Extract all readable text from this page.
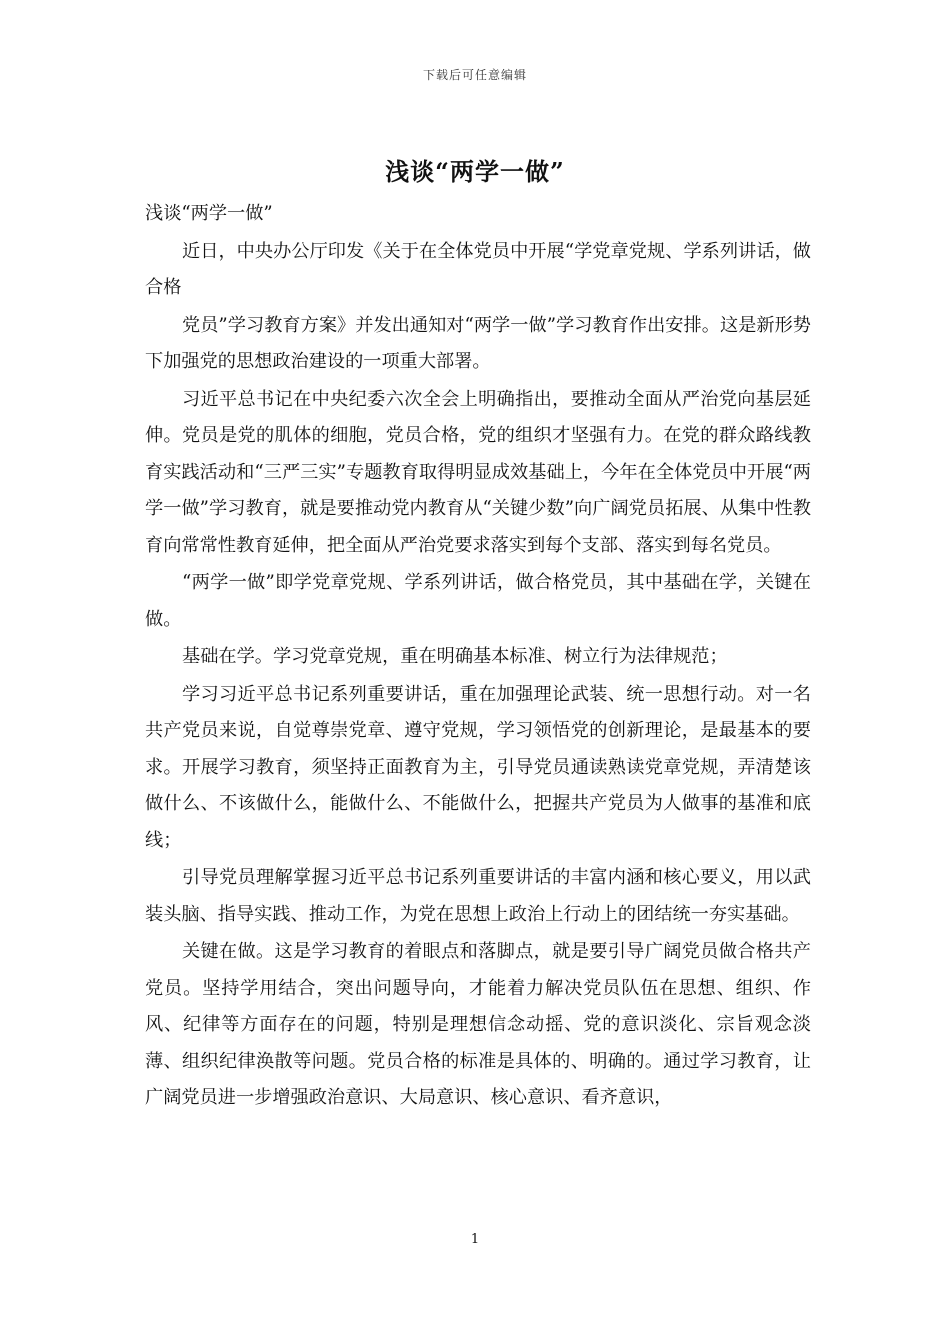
下载后可任意编辑
浅谈“两学一做”

浅谈“两学一做”

近日，中央办公厅印发《关于在全体党员中开展“学党章党规、学系列讲话，做合格

党员”学习教育方案》并发出通知对“两学一做”学习教育作出安排。这是新形势下加强党的思想政治建设的一项重大部署。

习近平总书记在中央纪委六次全会上明确指出，要推动全面从严治党向基层延伸。党员是党的肌体的细胞，党员合格，党的组织才坚强有力。在党的群众路线教育实践活动和“三严三实”专题教育取得明显成效基础上，今年在全体党员中开展“两学一做”学习教育，就是要推动党内教育从“关键少数”向广阔党员拓展、从集中性教育向常常性教育延伸，把全面从严治党要求落实到每个支部、落实到每名党员。

“两学一做”即学党章党规、学系列讲话，做合格党员，其中基础在学，关键在做。

基础在学。学习党章党规，重在明确基本标准、树立行为法律规范；

学习习近平总书记系列重要讲话，重在加强理论武装、统一思想行动。对一名共产党员来说，自觉尊崇党章、遵守党规，学习领悟党的创新理论，是最基本的要求。开展学习教育，须坚持正面教育为主，引导党员通读熟读党章党规，弄清楚该做什么、不该做什么，能做什么、不能做什么，把握共产党员为人做事的基准和底线；

引导党员理解掌握习近平总书记系列重要讲话的丰富内涵和核心要义，用以武装头脑、指导实践、推动工作，为党在思想上政治上行动上的团结统一夯实基础。

关键在做。这是学习教育的着眼点和落脚点，就是要引导广阔党员做合格共产党员。坚持学用结合，突出问题导向，才能着力解决党员队伍在思想、组织、作风、纪律等方面存在的问题，特别是理想信念动摇、党的意识淡化、宗旨观念淡薄、组织纪律涣散等问题。党员合格的标准是具体的、明确的。通过学习教育，让广阔党员进一步增强政治意识、大局意识、核心意识、看齐意识，

1
